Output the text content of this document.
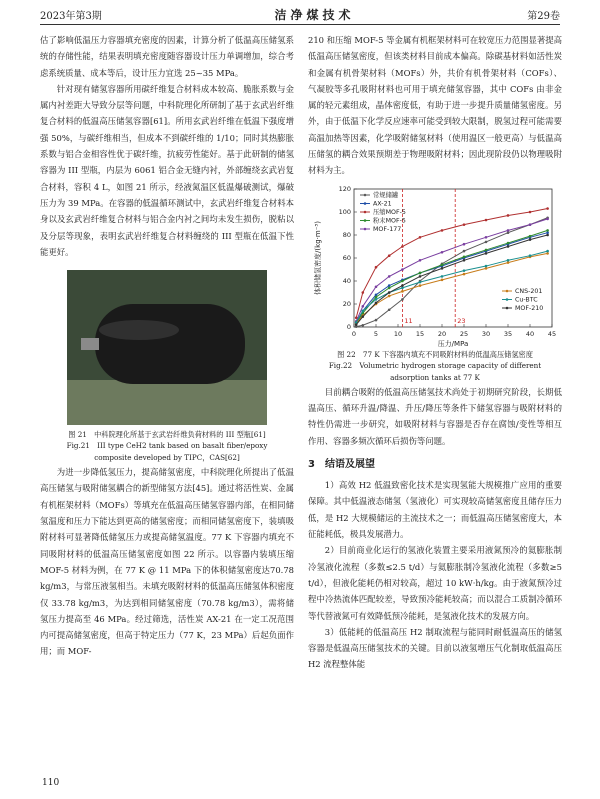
2023年第3期	洁净煤技术	第29卷

估了影响低温压力容器填充密度的因素，计算分析了低温高压储氢系统的存储性能，结果表明填充密度随容器设计压力单调增加，综合考虑系统质量、成本等后，设计压力宜选 25~35 MPa。

针对现有储氢容器所用碳纤维复合材料成本较高、脆胀系数与金属内衬差距大导致分层等问题，中科院理化所研制了基于玄武岩纤维复合材料的低温高压储氢容器[61]。所用玄武岩纤维在低温下强度增强 50%，与碳纤维相当，但成本不到碳纤维的 1/10；同时其热膨胀系数与铝合金相容性优于碳纤维，抗疲劳性能好。基于此研制的储氢容器为 III 型瓶，内层为 6061 铝合金无缝内衬，外部缠绕玄武岩复合材料，容积 4 L，如图 21 所示，经液氮温区低温爆破测试，爆破压力为 39 MPa。在容器的低温循环测试中，玄武岩纤维复合材料本身以及玄武岩纤维复合材料与铝合金内衬之间均未发生损伤，脱粘以及分层等现象，表明玄武岩纤维复合材料缠绕的 III 型瓶在低温下性能更好。

图 21　中科院理化所基于玄武岩纤维负荷材料的 III 型瓶[61]

Fig.21　III type CeH2 tank based on basalt fiber/epoxy
composite developed by TIPC，CAS[62]

为进一步降低氢压力，提高储氢密度，中科院理化所提出了低温高压储氢与吸附储氢耦合的新型储氢方法[45]。通过将活性炭、金属有机框架材料（MOFs）等填充在低温高压储氢容器内部，在相同储氢温度和压力下能达到更高的储氢密度；而相同储氢密度下，装填吸附材料可显著降低储氢压力或提高储氢温度。77 K 下容器内填充不同吸附材料的低温高压储氢密度如图 22 所示。以容器内装填压缩 MOF-5 材料为例，在 77 K @ 11 MPa 下的体积储氢密度达70.78 kg/m3，与常压液氢相当。未填充吸附材料的低温高压储氢体积密度仅 33.78 kg/m3，为达到相同储氢密度（70.78 kg/m3），需将储氢压力提高至 46 MPa。经过筛选，活性炭 AX-21 在一定工况范围内可提高储氢密度，但高于特定压力（77 K，23 MPa）后起负面作用；而 MOF-

210 和压缩 MOF-5 等金属有机框架材料可在较宽压力范围显著提高低温高压储氢密度，但该类材料目前成本偏高。除碳基材料如活性炭和金属有机骨架材料（MOFs）外，共价有机骨架材料（COFs）、气凝胶等多孔吸附材料也可用于填充储氢容器，其中 COFs 由非金属的轻元素组成，晶体密度低，有助于进一步提升质量储氢密度。另外，由于低温下化学反应速率可能受到较大限制，脱氢过程可能需要高温加热等因素，化学吸附储氢材料（使用温区一般更高）与低温高压储氢的耦合效果预期差于物理吸附材料；因此现阶段仍以物理吸附材料为主。

0	5 10 15 20 25 30 35 40 45
0
20
40
60
80
100
120
压力/MPa
体积储氢密度/(kg·m⁻³)
11	23
常规储罐
AX-21
压缩MOF-5
粉末MOF-5
MOF-177
CNS-201
Cu-BTC
MOF-210

图 22　77 K 下容器内填充不同吸附材料的低温高压储氢密度

Fig.22　Volumetric hydrogen storage capacity of different
adsorption tanks at 77 K

目前耦合吸附的低温高压储氢技术尚处于初期研究阶段，长期低温高压、循环升温/降温、升压/降压等条件下储氢容器与吸附材料的特性仍需进一步研究，如吸附材料与容器是否存在腐蚀/变性等相互作用、容器多频次循环后损伤等问题。

3　结语及展望

1）高效 H2 低温致密化技术是实现氢能大规模推广应用的重要保障。其中低温液态储氢（氢液化）可实现较高储氢密度且储存压力低，是 H2 大规模储运的主流技术之一；而低温高压储氢密度大，本征能耗低，极具发展潜力。

2）目前商业化运行的氢液化装置主要采用液氮预冷的氦膨胀制冷氢液化流程（多数≤2.5 t/d）与氦膨胀制冷氢液化流程（多数≥5 t/d），但液化能耗仍相对较高，超过 10 kW·h/kg。由于液氮预冷过程中冷热流体匹配较差，导致预冷能耗较高；而以混合工质制冷循环等代替液氮可有效降低预冷能耗，是氢液化技术的发展方向。

3）低能耗的低温高压 H2 制取流程与能同时耐低温高压的储氢容器是低温高压储氢技术的关键。目前以液氢增压气化制取低温高压 H2 流程整体能

110
